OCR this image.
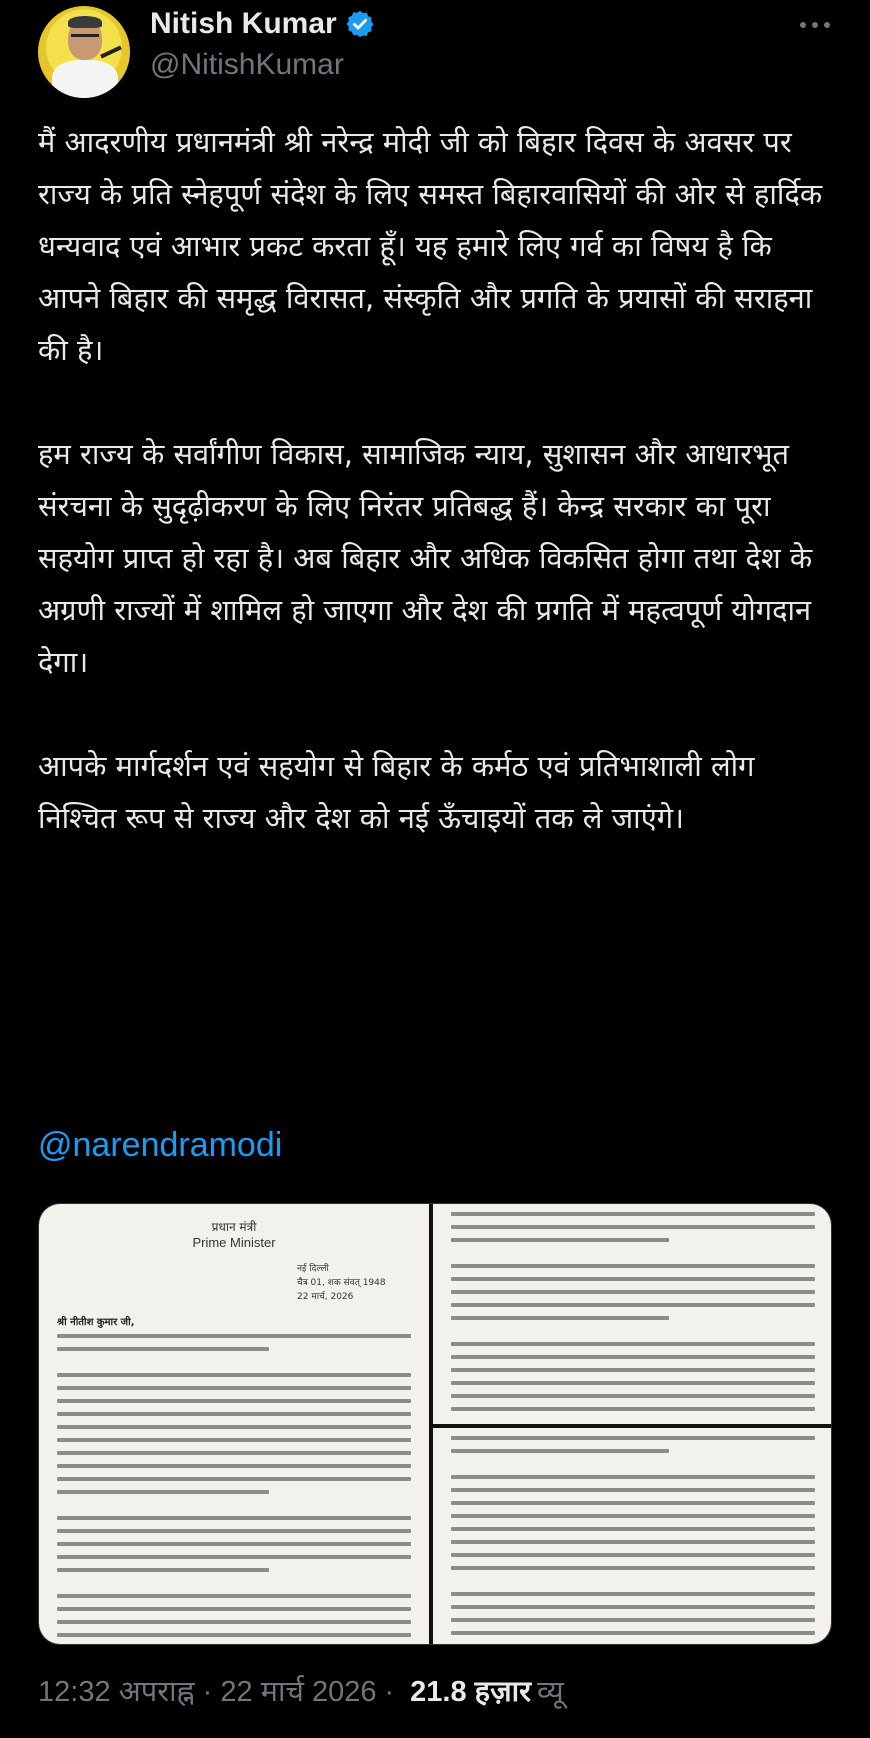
Nitish Kumar
@NitishKumar

मैं आदरणीय प्रधानमंत्री श्री नरेन्द्र मोदी जी को बिहार दिवस के अवसर पर राज्य के प्रति स्नेहपूर्ण संदेश के लिए समस्त बिहारवासियों की ओर से हार्दिक धन्यवाद एवं आभार प्रकट करता हूँ। यह हमारे लिए गर्व का विषय है कि आपने बिहार की समृद्ध विरासत, संस्कृति और प्रगति के प्रयासों की सराहना की है।

हम राज्य के सर्वांगीण विकास, सामाजिक न्याय, सुशासन और आधारभूत संरचना के सुदृढ़ीकरण के लिए निरंतर प्रतिबद्ध हैं। केन्द्र सरकार का पूरा सहयोग प्राप्त हो रहा है। अब बिहार और अधिक विकसित होगा तथा देश के अग्रणी राज्यों में शामिल हो जाएगा और देश की प्रगति में महत्वपूर्ण योगदान देगा।

आपके मार्गदर्शन एवं सहयोग से बिहार के कर्मठ एवं प्रतिभाशाली लोग निश्चित रूप से राज्य और देश को नई ऊँचाइयों तक ले जाएंगे।

@narendramodi
प्रधान मंत्री
Prime Minister
नई दिल्ली
चैत्र 01, शक संवत् 1948
22 मार्च, 2026
श्री नीतीश कुमार जी,
12:32 अपराह्न · 22 मार्च 2026 · 21.8 हज़ार व्यू
